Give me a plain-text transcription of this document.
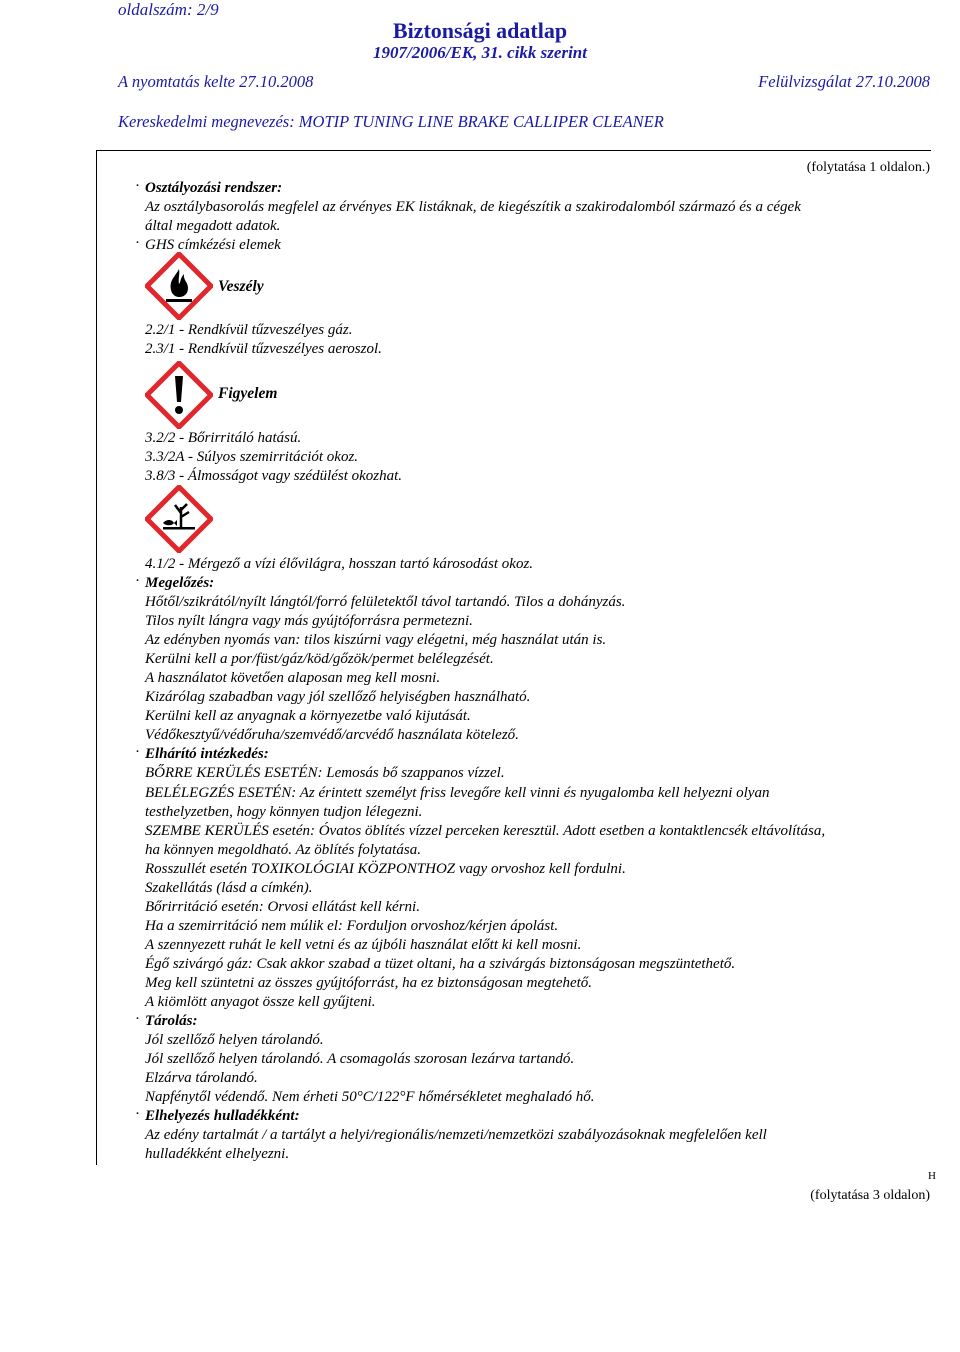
oldalszám: 2/9
Biztonsági adatlap
1907/2006/EK, 31. cikk szerint
A nyomtatás kelte 27.10.2008	Felülvizsgálat 27.10.2008
Kereskedelmi megnevezés: MOTIP TUNING LINE BRAKE CALLIPER CLEANER
(folytatása 1 oldalon.)
· Osztályozási rendszer:
Az osztálybasorolás megfelel az érvényes EK listáknak, de kiegészítik a szakirodalomból származó és a cégek
által megadott adatok.
· GHS címkézési elemek
Veszély
2.2/1 - Rendkívül tűzveszélyes gáz.
2.3/1 - Rendkívül tűzveszélyes aeroszol.
Figyelem
3.2/2 - Bőrirritáló hatású.
3.3/2A - Súlyos szemirritációt okoz.
3.8/3 - Álmosságot vagy szédülést okozhat.
4.1/2 - Mérgező a vízi élővilágra, hosszan tartó károsodást okoz.
· Megelőzés:
Hőtől/szikrától/nyílt lángtól/forró felületektől távol tartandó. Tilos a dohányzás.
Tilos nyílt lángra vagy más gyújtóforrásra permetezni.
Az edényben nyomás van: tilos kiszúrni vagy elégetni, még használat után is.
Kerülni kell a por/füst/gáz/köd/gőzök/permet belélegzését.
A használatot követően alaposan meg kell mosni.
Kizárólag szabadban vagy jól szellőző helyiségben használható.
Kerülni kell az anyagnak a környezetbe való kijutását.
Védőkesztyű/védőruha/szemvédő/arcvédő használata kötelező.
· Elhárító intézkedés:
BŐRRE KERÜLÉS ESETÉN: Lemosás bő szappanos vízzel.
BELÉLEGZÉS ESETÉN: Az érintett személyt friss levegőre kell vinni és nyugalomba kell helyezni olyan
testhelyzetben, hogy könnyen tudjon lélegezni.
SZEMBE KERÜLÉS esetén: Óvatos öblítés vízzel perceken keresztül. Adott esetben a kontaktlencsék eltávolítása,
ha könnyen megoldható. Az öblítés folytatása.
Rosszullét esetén TOXIKOLÓGIAI KÖZPONTHOZ vagy orvoshoz kell fordulni.
Szakellátás (lásd a címkén).
Bőrirritáció esetén: Orvosi ellátást kell kérni.
Ha a szemirritáció nem múlik el: Forduljon orvoshoz/kérjen ápolást.
A szennyezett ruhát le kell vetni és az újbóli használat előtt ki kell mosni.
Égő szivárgó gáz: Csak akkor szabad a tüzet oltani, ha a szivárgás biztonságosan megszüntethető.
Meg kell szüntetni az összes gyújtóforrást, ha ez biztonságosan megtehető.
A kiömlött anyagot össze kell gyűjteni.
· Tárolás:
Jól szellőző helyen tárolandó.
Jól szellőző helyen tárolandó. A csomagolás szorosan lezárva tartandó.
Elzárva tárolandó.
Napfénytől védendő. Nem érheti 50°C/122°F hőmérsékletet meghaladó hő.
· Elhelyezés hulladékként:
Az edény tartalmát / a tartályt a helyi/regionális/nemzeti/nemzetközi szabályozásoknak megfelelően kell
hulladékként elhelyezni.
H
(folytatása 3 oldalon)
